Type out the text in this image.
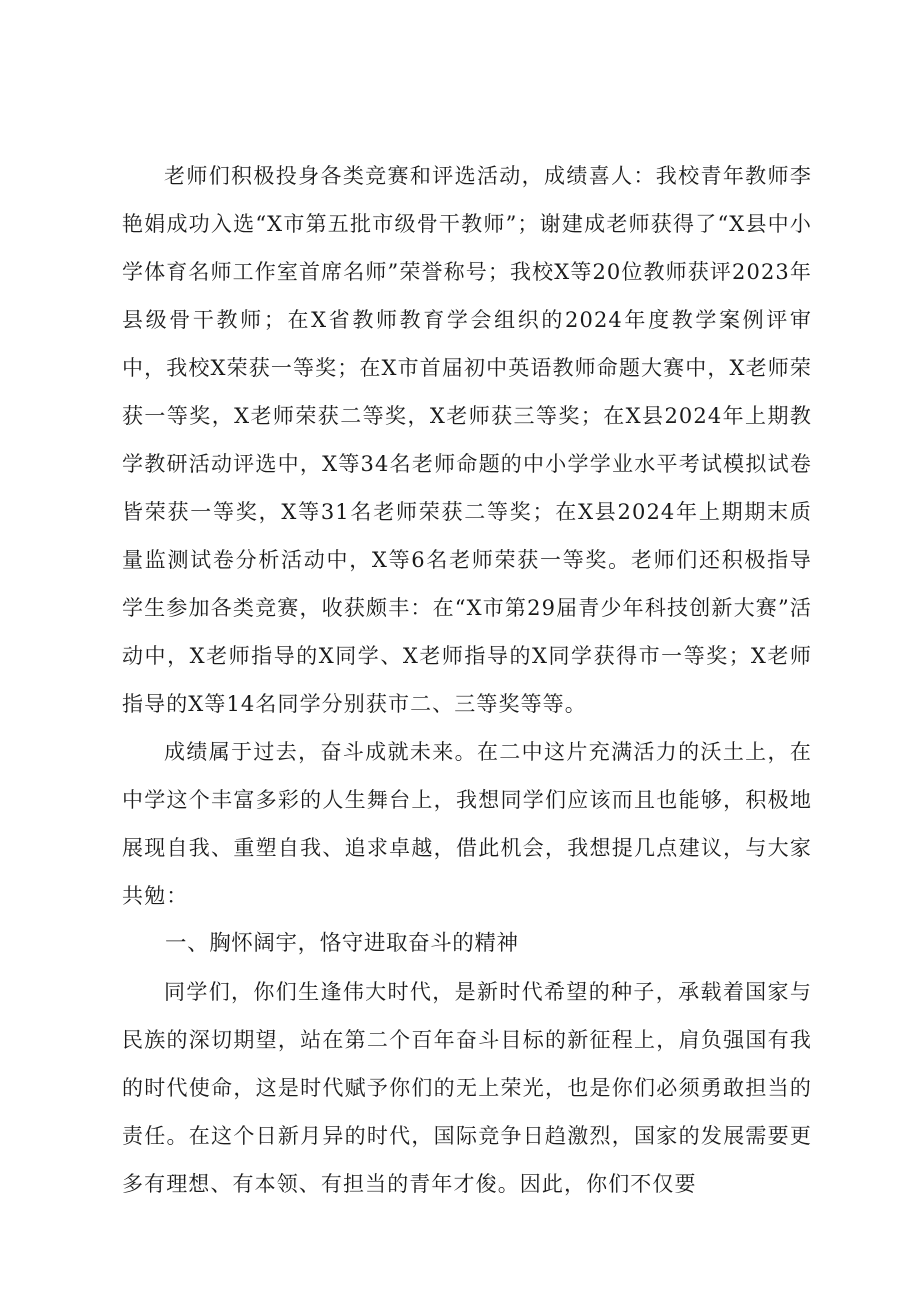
老师们积极投身各类竞赛和评选活动，成绩喜人：我校青年教师李艳娟成功入选“X市第五批市级骨干教师”；谢建成老师获得了“X县中小学体育名师工作室首席名师”荣誉称号；我校X等20位教师获评2023年县级骨干教师；在X省教师教育学会组织的2024年度教学案例评审中，我校X荣获一等奖；在X市首届初中英语教师命题大赛中，X老师荣获一等奖，X老师荣获二等奖，X老师获三等奖；在X县2024年上期教学教研活动评选中，X等34名老师命题的中小学学业水平考试模拟试卷皆荣获一等奖，X等31名老师荣获二等奖；在X县2024年上期期末质量监测试卷分析活动中，X等6名老师荣获一等奖。老师们还积极指导学生参加各类竞赛，收获颇丰：在“X市第29届青少年科技创新大赛”活动中，X老师指导的X同学、X老师指导的X同学获得市一等奖；X老师指导的X等14名同学分别获市二、三等奖等等。

成绩属于过去，奋斗成就未来。在二中这片充满活力的沃土上，在中学这个丰富多彩的人生舞台上，我想同学们应该而且也能够，积极地展现自我、重塑自我、追求卓越，借此机会，我想提几点建议，与大家共勉：

一、胸怀阔宇，恪守进取奋斗的精神

同学们，你们生逢伟大时代，是新时代希望的种子，承载着国家与民族的深切期望，站在第二个百年奋斗目标的新征程上，肩负强国有我的时代使命，这是时代赋予你们的无上荣光，也是你们必须勇敢担当的责任。在这个日新月异的时代，国际竞争日趋激烈，国家的发展需要更多有理想、有本领、有担当的青年才俊。因此，你们不仅要
